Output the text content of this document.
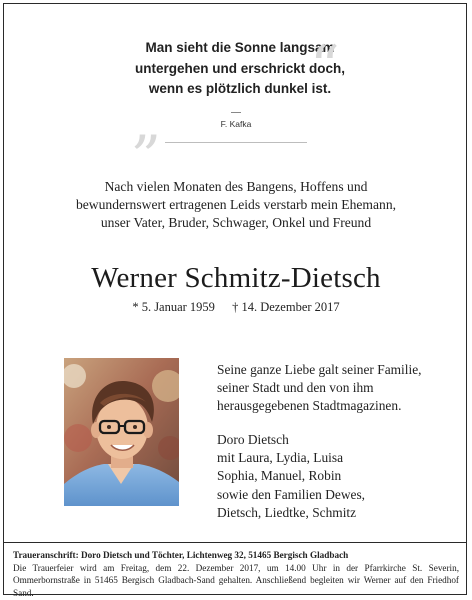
“
„
Man sieht die Sonne langsam
untergehen und erschrickt doch,
wenn es plötzlich dunkel ist.
F. Kafka
Nach vielen Monaten des Bangens, Hoffens und
bewundernswert ertragenen Leids verstarb mein Ehemann,
unser Vater, Bruder, Schwager, Onkel und Freund
Werner Schmitz-Dietsch
* 5. Januar 1959 † 14. Dezember 2017

Seine ganze Liebe galt seiner Familie,

seiner Stadt und den von ihm

herausgegebenen Stadtmagazinen.

Doro Dietsch

mit Laura, Lydia, Luisa

Sophia, Manuel, Robin

sowie den Familien Dewes,

Dietsch, Liedtke, Schmitz

Traueranschrift: Doro Dietsch und Töchter, Lichtenweg 32, 51465 Bergisch Gladbach
Die Trauerfeier wird am Freitag, dem 22. Dezember 2017, um 14.00 Uhr in der Pfarrkirche St. Severin, Ommerbornstraße in 51465 Bergisch Gladbach-Sand gehalten. Anschließend begleiten wir Werner auf den Friedhof Sand.
